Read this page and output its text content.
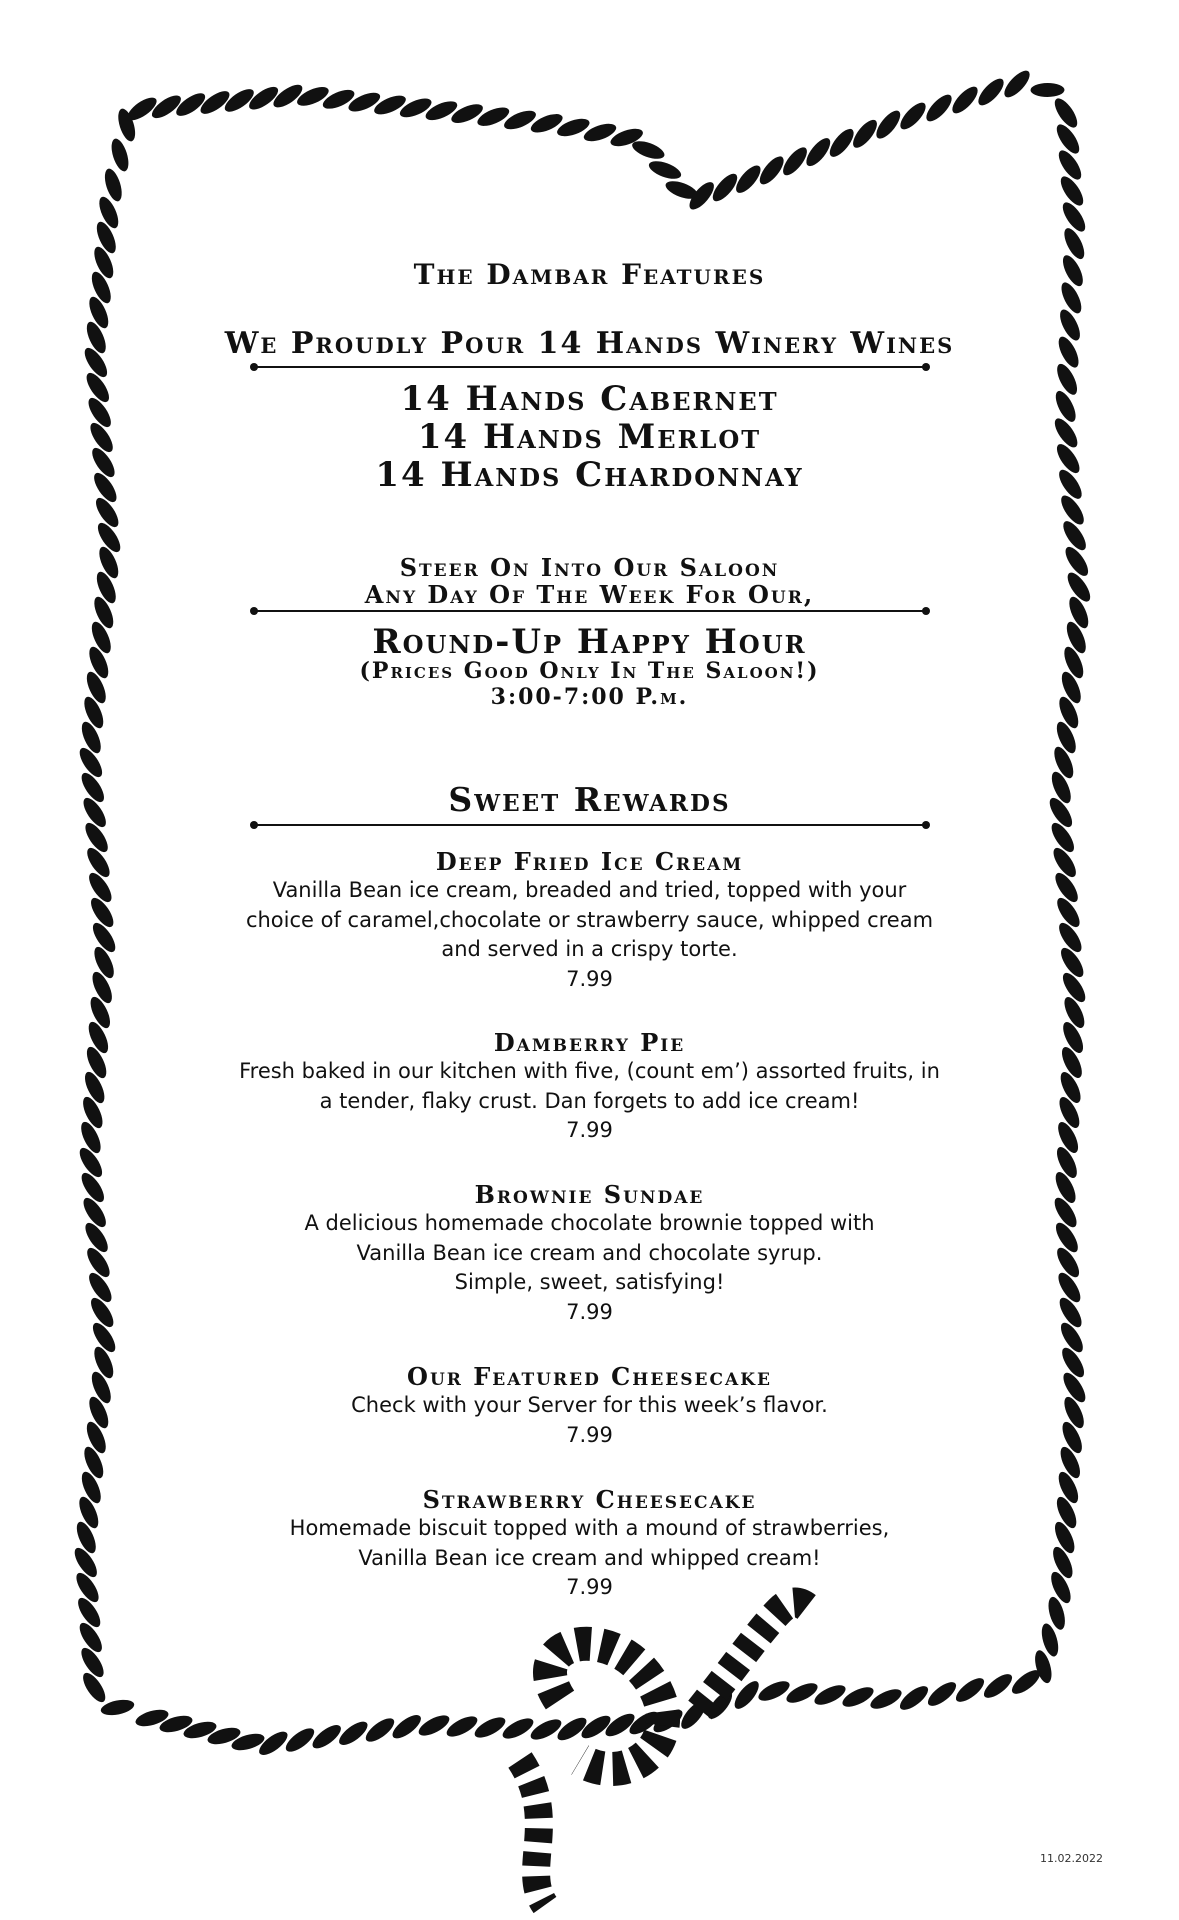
The Dambar Features
We Proudly Pour 14 Hands Winery Wines
14 Hands Cabernet
14 Hands Merlot
14 Hands Chardonnay
Steer On Into Our Saloon
Any Day Of The Week For Our,
Round-Up Happy Hour
(Prices Good Only In The Saloon!)
3:00-7:00 P.m.
Sweet Rewards
Deep Fried Ice Cream
Vanilla Bean ice cream, breaded and tried, topped with your
choice of caramel,chocolate or strawberry sauce, whipped cream
and served in a crispy torte.
7.99
Damberry Pie
Fresh baked in our kitchen with five, (count em’) assorted fruits, in
a tender, flaky crust. Dan forgets to add ice cream!
7.99
Brownie Sundae
A delicious homemade chocolate brownie topped with
Vanilla Bean ice cream and chocolate syrup.
Simple, sweet, satisfying!
7.99
Our Featured Cheesecake
Check with your Server for this week’s flavor.
7.99
Strawberry Cheesecake
Homemade biscuit topped with a mound of strawberries,
Vanilla Bean ice cream and whipped cream!
7.99
11.02.2022
